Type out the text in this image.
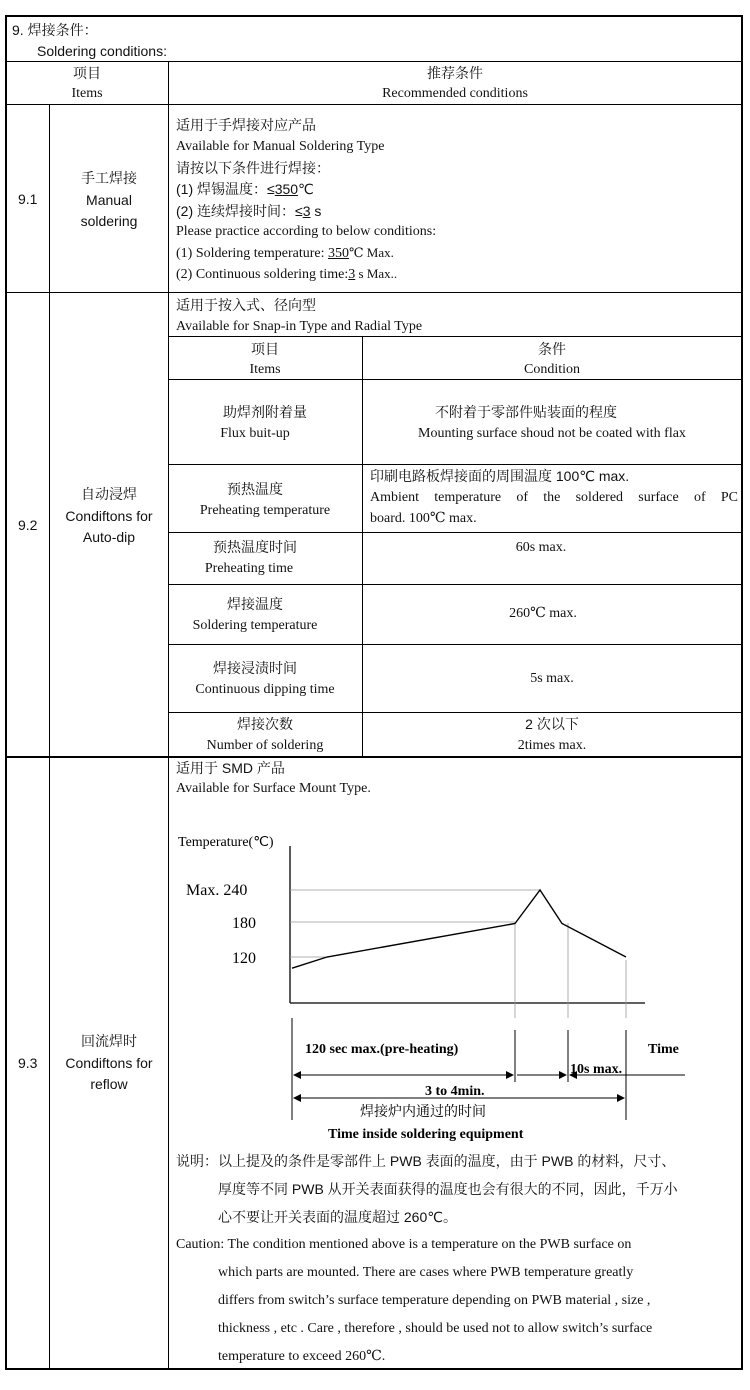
9. 焊接条件：
Soldering conditions:
项目
Items
推荐条件
Recommended conditions
9.1
手工焊接
Manual
soldering
适用于手焊接对应产品
Available for Manual Soldering Type
请按以下条件进行焊接：
(1) 焊锡温度：≤350℃
(2) 连续焊接时间：≤3 s
Please practice according to below conditions:
(1) Soldering temperature: 350℃ Max.
(2) Continuous soldering time:3 s Max..
9.2
自动浸焊
Condiftons for
Auto-dip
适用于按入式、径向型
Available for Snap-in Type and Radial Type
项目
Items
条件
Condition
助焊剂附着量
Flux buit-up
不附着于零部件贴装面的程度
Mounting surface shoud not be coated with flax
预热温度
Preheating temperature
印刷电路板焊接面的周围温度 100℃ max.
Ambient temperature of the soldered surface of PC
board. 100℃ max.
预热温度时间
Preheating time
60s max.
焊接温度
Soldering temperature
260℃ max.
焊接浸渍时间
Continuous dipping time
5s max.
焊接次数
Number of soldering
2 次以下
2times max.
9.3
回流焊时
Condiftons for
reflow
适用于 SMD 产品
Available for Surface Mount Type.
Temperature(℃)
Max. 240
180
120
Time
120 sec max.(pre-heating)
10s max.
3 to 4min.
焊接炉内通过的时间
Time inside soldering equipment
说明：以上提及的条件是零部件上 PWB 表面的温度，由于 PWB 的材料，尺寸、
厚度等不同 PWB 从开关表面获得的温度也会有很大的不同，因此，千万小
心不要让开关表面的温度超过 260℃。
Caution: The condition mentioned above is a temperature on the PWB surface on
which parts are mounted. There are cases where PWB temperature greatly
differs from switch’s surface temperature depending on PWB material , size ,
thickness , etc . Care , therefore , should be used not to allow switch’s surface
temperature to exceed 260℃.
